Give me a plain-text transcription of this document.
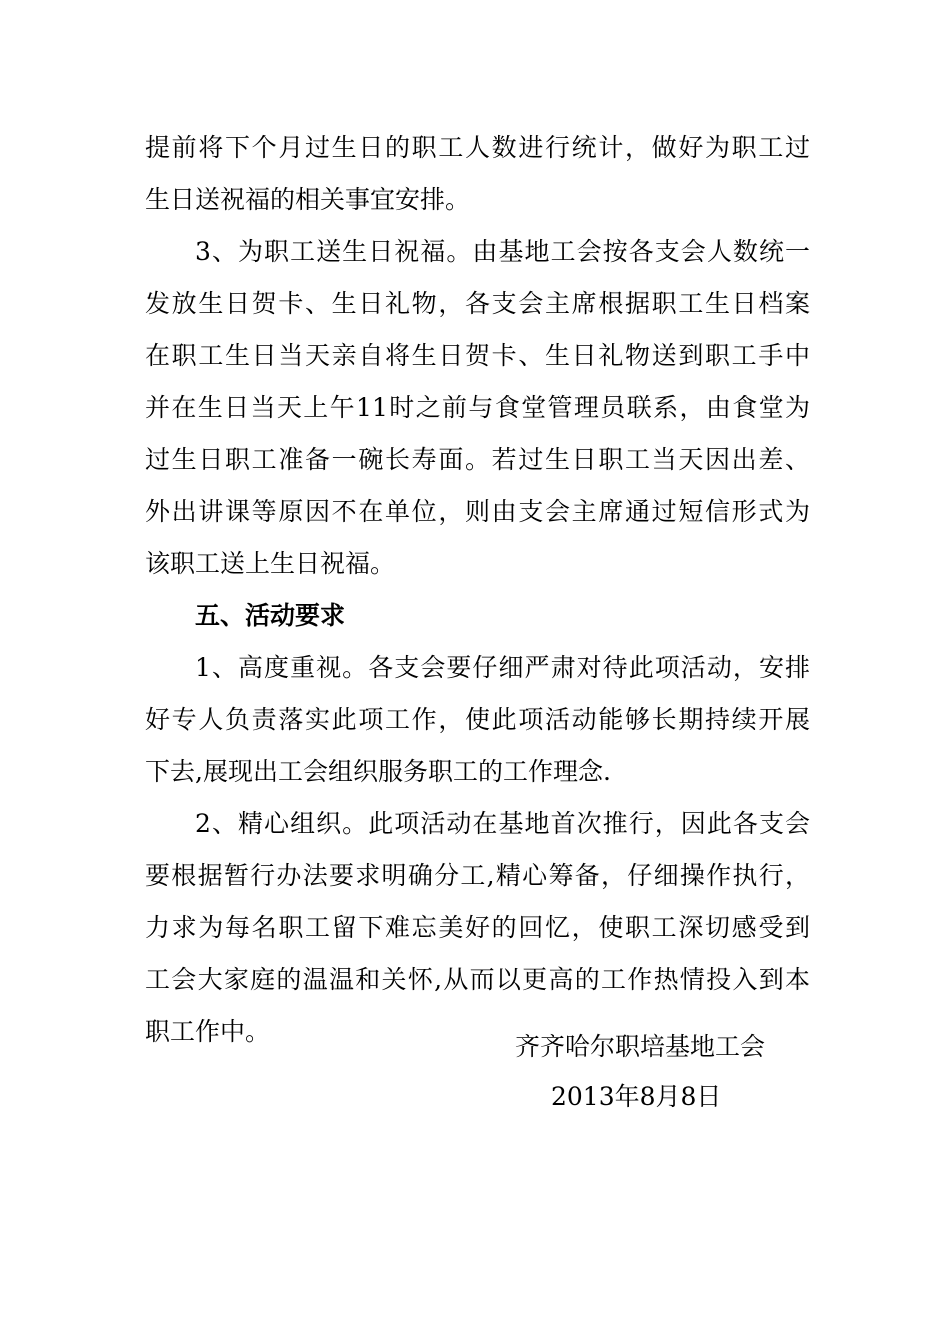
提前将下个月过生日的职工人数进行统计，做好为职工过
生日送祝福的相关事宜安排。
3、为职工送生日祝福。由基地工会按各支会人数统一
发放生日贺卡、生日礼物，各支会主席根据职工生日档案
在职工生日当天亲自将生日贺卡、生日礼物送到职工手中
并在生日当天上午11时之前与食堂管理员联系，由食堂为
过生日职工准备一碗长寿面。若过生日职工当天因出差、
外出讲课等原因不在单位，则由支会主席通过短信形式为
该职工送上生日祝福。
五、活动要求
1、高度重视。各支会要仔细严肃对待此项活动，安排
好专人负责落实此项工作，使此项活动能够长期持续开展
下去,展现出工会组织服务职工的工作理念.
2、精心组织。此项活动在基地首次推行，因此各支会
要根据暂行办法要求明确分工,精心筹备，仔细操作执行，
力求为每名职工留下难忘美好的回忆，使职工深切感受到
工会大家庭的温温和关怀,从而以更高的工作热情投入到本
职工作中。
齐齐哈尔职培基地工会
2013年8月8日
